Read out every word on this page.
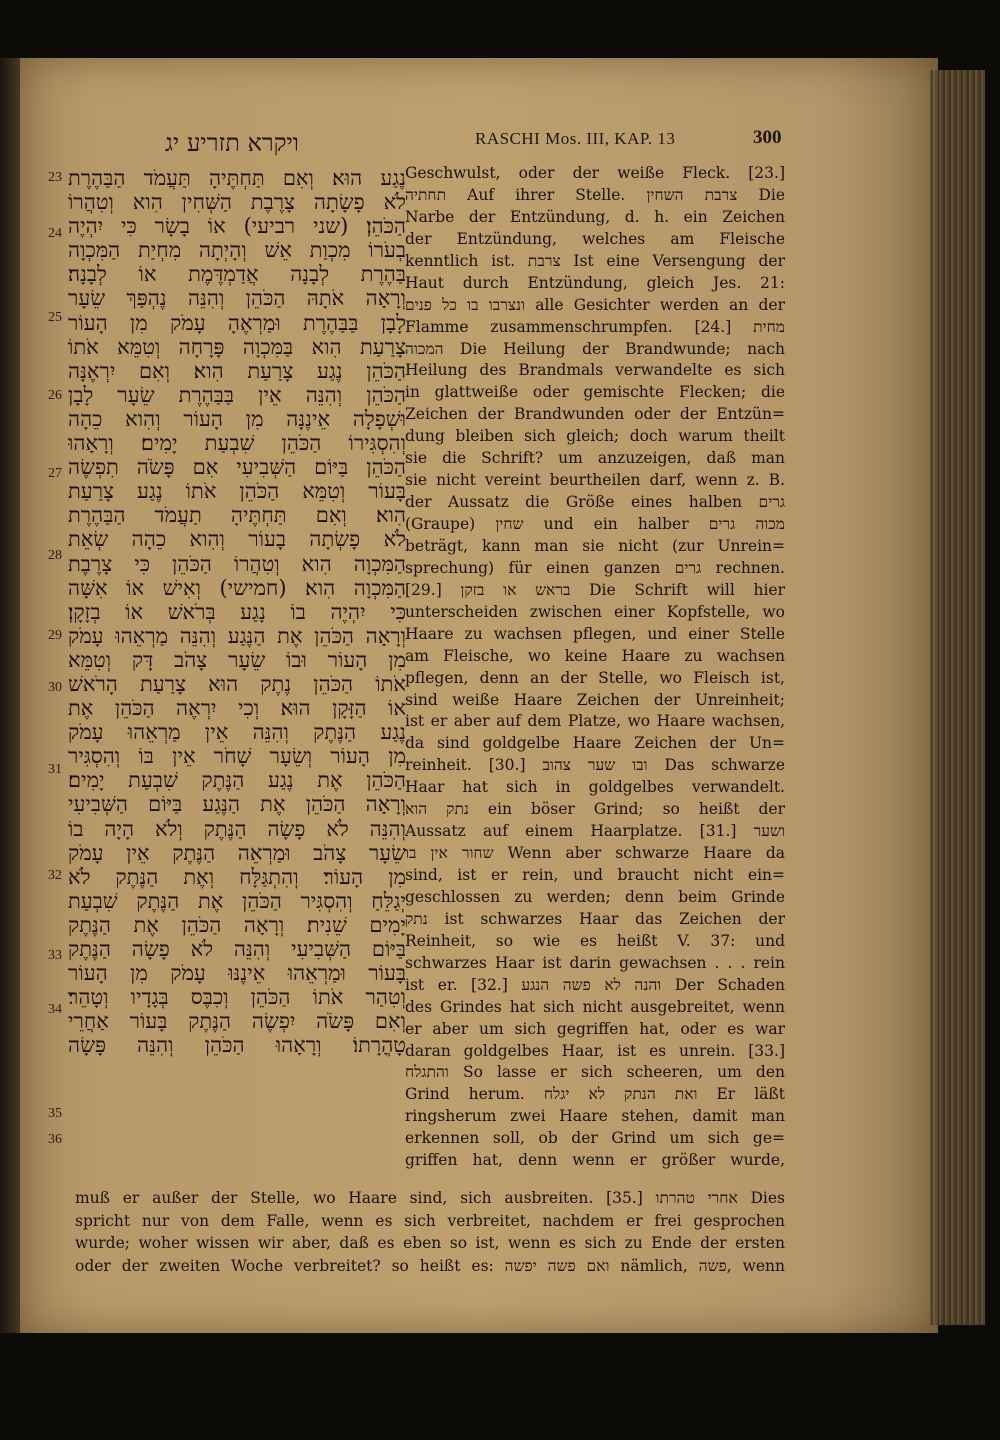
ויקרא תזריע יג	RASCHI Mos. III, KAP. 13	300
23
24
25
26
27
28
29
30
31
32
33
34
35
36
נֶגַע הוּא׃ וְאִם תַּחְתֶּיהָ תַּעֲמֹד הַבַּהֶרֶת
לֹא פָשָׂתָה צָרֶבֶת הַשְּׁחִין הִוא וְטִהֲרוֹ
הַכֹּהֵן׃ (שני רביעי) אוֹ בָשָׂר כִּי יִהְיֶה
בְעֹרוֹ מִכְוַת אֵשׁ וְהָיְתָה מִחְיַת הַמִּכְוָה
בַּהֶרֶת לְבָנָה אֲדַמְדֶּמֶת אוֹ לְבָנָה׃
וְרָאָה אֹתָהּ הַכֹּהֵן וְהִנֵּה נֶהְפַּךְ שֵׂעָר
לָבָן בַּבַּהֶרֶת וּמַרְאֶהָ עָמֹק מִן הָעוֹר
צָרַעַת הִוא בַּמִּכְוָה פָּרָחָה וְטִמֵּא אֹתוֹ
הַכֹּהֵן נֶגַע צָרַעַת הִוא׃ וְאִם יִרְאֶנָּה
הַכֹּהֵן וְהִנֵּה אֵין בַּבַּהֶרֶת שֵׂעָר לָבָן
וּשְׁפָלָה אֵינֶנָּה מִן הָעוֹר וְהִוא כֵהָה
וְהִסְגִּירוֹ הַכֹּהֵן שִׁבְעַת יָמִים׃ וְרָאָהוּ
הַכֹּהֵן בַּיּוֹם הַשְּׁבִיעִי אִם פָּשֹׂה תִפְשֶׂה
בָּעוֹר וְטִמֵּא הַכֹּהֵן אֹתוֹ נֶגַע צָרַעַת
הִוא׃ וְאִם תַּחְתֶּיהָ תַעֲמֹד הַבַּהֶרֶת
לֹא פָשְׂתָה בָעוֹר וְהִוא כֵהָה שְׂאֵת
הַמִּכְוָה הִוא וְטִהֲרוֹ הַכֹּהֵן כִּי צָרֶבֶת
הַמִּכְוָה הִוא׃ (חמישי) וְאִישׁ אוֹ אִשָּׁה
כִּי יִהְיֶה בוֹ נָגַע בְּרֹאשׁ אוֹ בְזָקָן׃
וְרָאָה הַכֹּהֵן אֶת הַנֶּגַע וְהִנֵּה מַרְאֵהוּ עָמֹק
מִן הָעוֹר וּבוֹ שֵׂעָר צָהֹב דָּק וְטִמֵּא
אֹתוֹ הַכֹּהֵן נֶתֶק הוּא צָרַעַת הָרֹאשׁ
אוֹ הַזָּקָן הוּא׃ וְכִי יִרְאֶה הַכֹּהֵן אֶת
נֶגַע הַנֶּתֶק וְהִנֵּה אֵין מַרְאֵהוּ עָמֹק
מִן הָעוֹר וְשֵׂעָר שָׁחֹר אֵין בּוֹ וְהִסְגִּיר
הַכֹּהֵן אֶת נֶגַע הַנֶּתֶק שִׁבְעַת יָמִים׃
וְרָאָה הַכֹּהֵן אֶת הַנֶּגַע בַּיּוֹם הַשְּׁבִיעִי
וְהִנֵּה לֹא פָשָׂה הַנֶּתֶק וְלֹא הָיָה בוֹ
שֵׂעָר צָהֹב וּמַרְאֵה הַנֶּתֶק אֵין עָמֹק
מִן הָעוֹר׃ וְהִתְגַּלָּח וְאֶת הַנֶּתֶק לֹא
יְגַלֵּחַ וְהִסְגִּיר הַכֹּהֵן אֶת הַנֶּתֶק שִׁבְעַת
יָמִים שֵׁנִית׃ וְרָאָה הַכֹּהֵן אֶת הַנֶּתֶק
בַּיּוֹם הַשְּׁבִיעִי וְהִנֵּה לֹא פָשָׂה הַנֶּתֶק
בָּעוֹר וּמַרְאֵהוּ אֵינֶנּוּ עָמֹק מִן הָעוֹר
וְטִהַר אֹתוֹ הַכֹּהֵן וְכִבֶּס בְּגָדָיו וְטָהֵר׃
וְאִם פָּשֹׂה יִפְשֶׂה הַנֶּתֶק בָּעוֹר אַחֲרֵי
טָהֳרָתוֹ׃ וְרָאָהוּ הַכֹּהֵן וְהִנֵּה פָּשָׂה
Geschwulst, oder der weiße Fleck. [23.]
תחתיה Auf ihrer Stelle. צרבת השחין Die
Narbe der Entzündung, d. h. ein Zeichen
der Entzündung, welches am Fleische
kenntlich ist. צרבת Ist eine Versengung der
Haut durch Entzündung, gleich Jes. 21:
ונצרבו בו כל פנים alle Gesichter werden an der
Flamme zusammenschrumpfen. [24.] מחית
המכוה Die Heilung der Brandwunde; nach
Heilung des Brandmals verwandelte es sich
in glattweiße oder gemischte Flecken; die
Zeichen der Brandwunden oder der Entzün=
dung bleiben sich gleich; doch warum theilt
sie die Schrift? um anzuzeigen, daß man
sie nicht vereint beurtheilen darf, wenn z. B.
der Aussatz die Größe eines halben גרים
(Graupe) שחין und ein halber מכוה גרים
beträgt, kann man sie nicht (zur Unrein=
sprechung) für einen ganzen גרים rechnen.
[29.] בראש או בזקן Die Schrift will hier
unterscheiden zwischen einer Kopfstelle, wo
Haare zu wachsen pflegen, und einer Stelle
am Fleische, wo keine Haare zu wachsen
pflegen, denn an der Stelle, wo Fleisch ist,
sind weiße Haare Zeichen der Unreinheit;
ist er aber auf dem Platze, wo Haare wachsen,
da sind goldgelbe Haare Zeichen der Un=
reinheit. [30.] ובו שער צהוב Das schwarze
Haar hat sich in goldgelbes verwandelt.
נתק הוא ein böser Grind; so heißt der
Aussatz auf einem Haarplatze. [31.] ושער
שחור אין בו Wenn aber schwarze Haare da
sind, ist er rein, und braucht nicht ein=
geschlossen zu werden; denn beim Grinde
נתק ist schwarzes Haar das Zeichen der
Reinheit, so wie es heißt V. 37: und
schwarzes Haar ist darin gewachsen . . . rein
ist er. [32.] והנה לא פשה הנגע Der Schaden
des Grindes hat sich nicht ausgebreitet, wenn
er aber um sich gegriffen hat, oder es war
daran goldgelbes Haar, ist es unrein. [33.]
והתגלח So lasse er sich scheeren, um den
Grind herum. ואת הנתק לא יגלח Er läßt
ringsherum zwei Haare stehen, damit man
erkennen soll, ob der Grind um sich ge=
griffen hat, denn wenn er größer wurde,
muß er außer der Stelle, wo Haare sind, sich ausbreiten. [35.] אחרי טהרתו Dies
spricht nur von dem Falle, wenn es sich verbreitet, nachdem er frei gesprochen
wurde; woher wissen wir aber, daß es eben so ist, wenn es sich zu Ende der ersten
oder der zweiten Woche verbreitet? so heißt es: ואם פשה יפשה nämlich, פשה, wenn
